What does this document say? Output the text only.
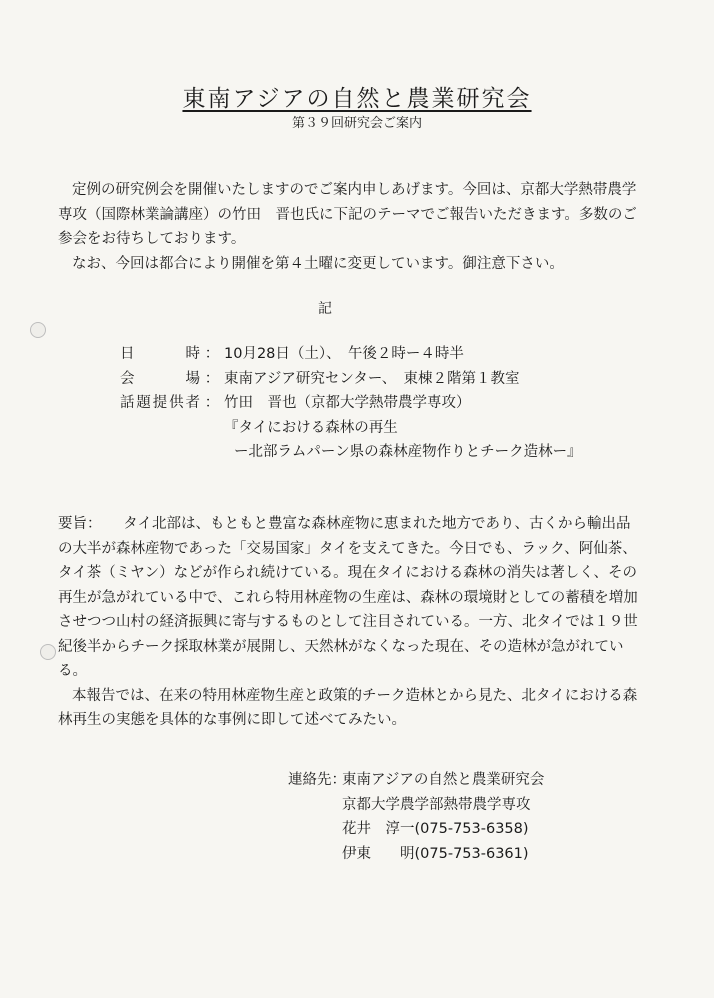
東南アジアの自然と農業研究会
第３９回研究会ご案内

定例の研究例会を開催いたしますのでご案内申しあげます。今回は、京都大学熱帯農学専攻（国際林業論講座）の竹田　晋也氏に下記のテーマでご報告いただきます。多数のご参会をお待ちしております。

なお、今回は都合により開催を第４土曜に変更しています。御注意下さい。

記
日　時 ： 10月28日（土）、　午後２時ー４時半
会　場 ： 東南アジア研究センター、　東棟２階第１教室
話題提供者 ： 竹田　晋也（京都大学熱帯農学専攻）
『タイにおける森林の再生
ー北部ラムパーン県の森林産物作りとチーク造林ー』
要旨：　　 タイ北部は、もともと豊富な森林産物に恵まれた地方であり、古くから輸出品の大半が森林産物であった「交易国家」タイを支えてきた。今日でも、ラック、阿仙茶、タイ茶（ミヤン）などが作られ続けている。現在タイにおける森林の消失は著しく、その再生が急がれている中で、これら特用林産物の生産は、森林の環境財としての蓄積を増加させつつ山村の経済振興に寄与するものとして注目されている。一方、北タイでは１９世紀後半からチーク採取林業が展開し、天然林がなくなった現在、その造林が急がれている。
本報告では、在来の特用林産物生産と政策的チーク造林とから見た、北タイにおける森林再生の実態を具体的な事例に即して述べてみたい。
連絡先：
東南アジアの自然と農業研究会
京都大学農学部熱帯農学専攻
花井　淳一(075-753-6358)
伊東　　明(075-753-6361)
